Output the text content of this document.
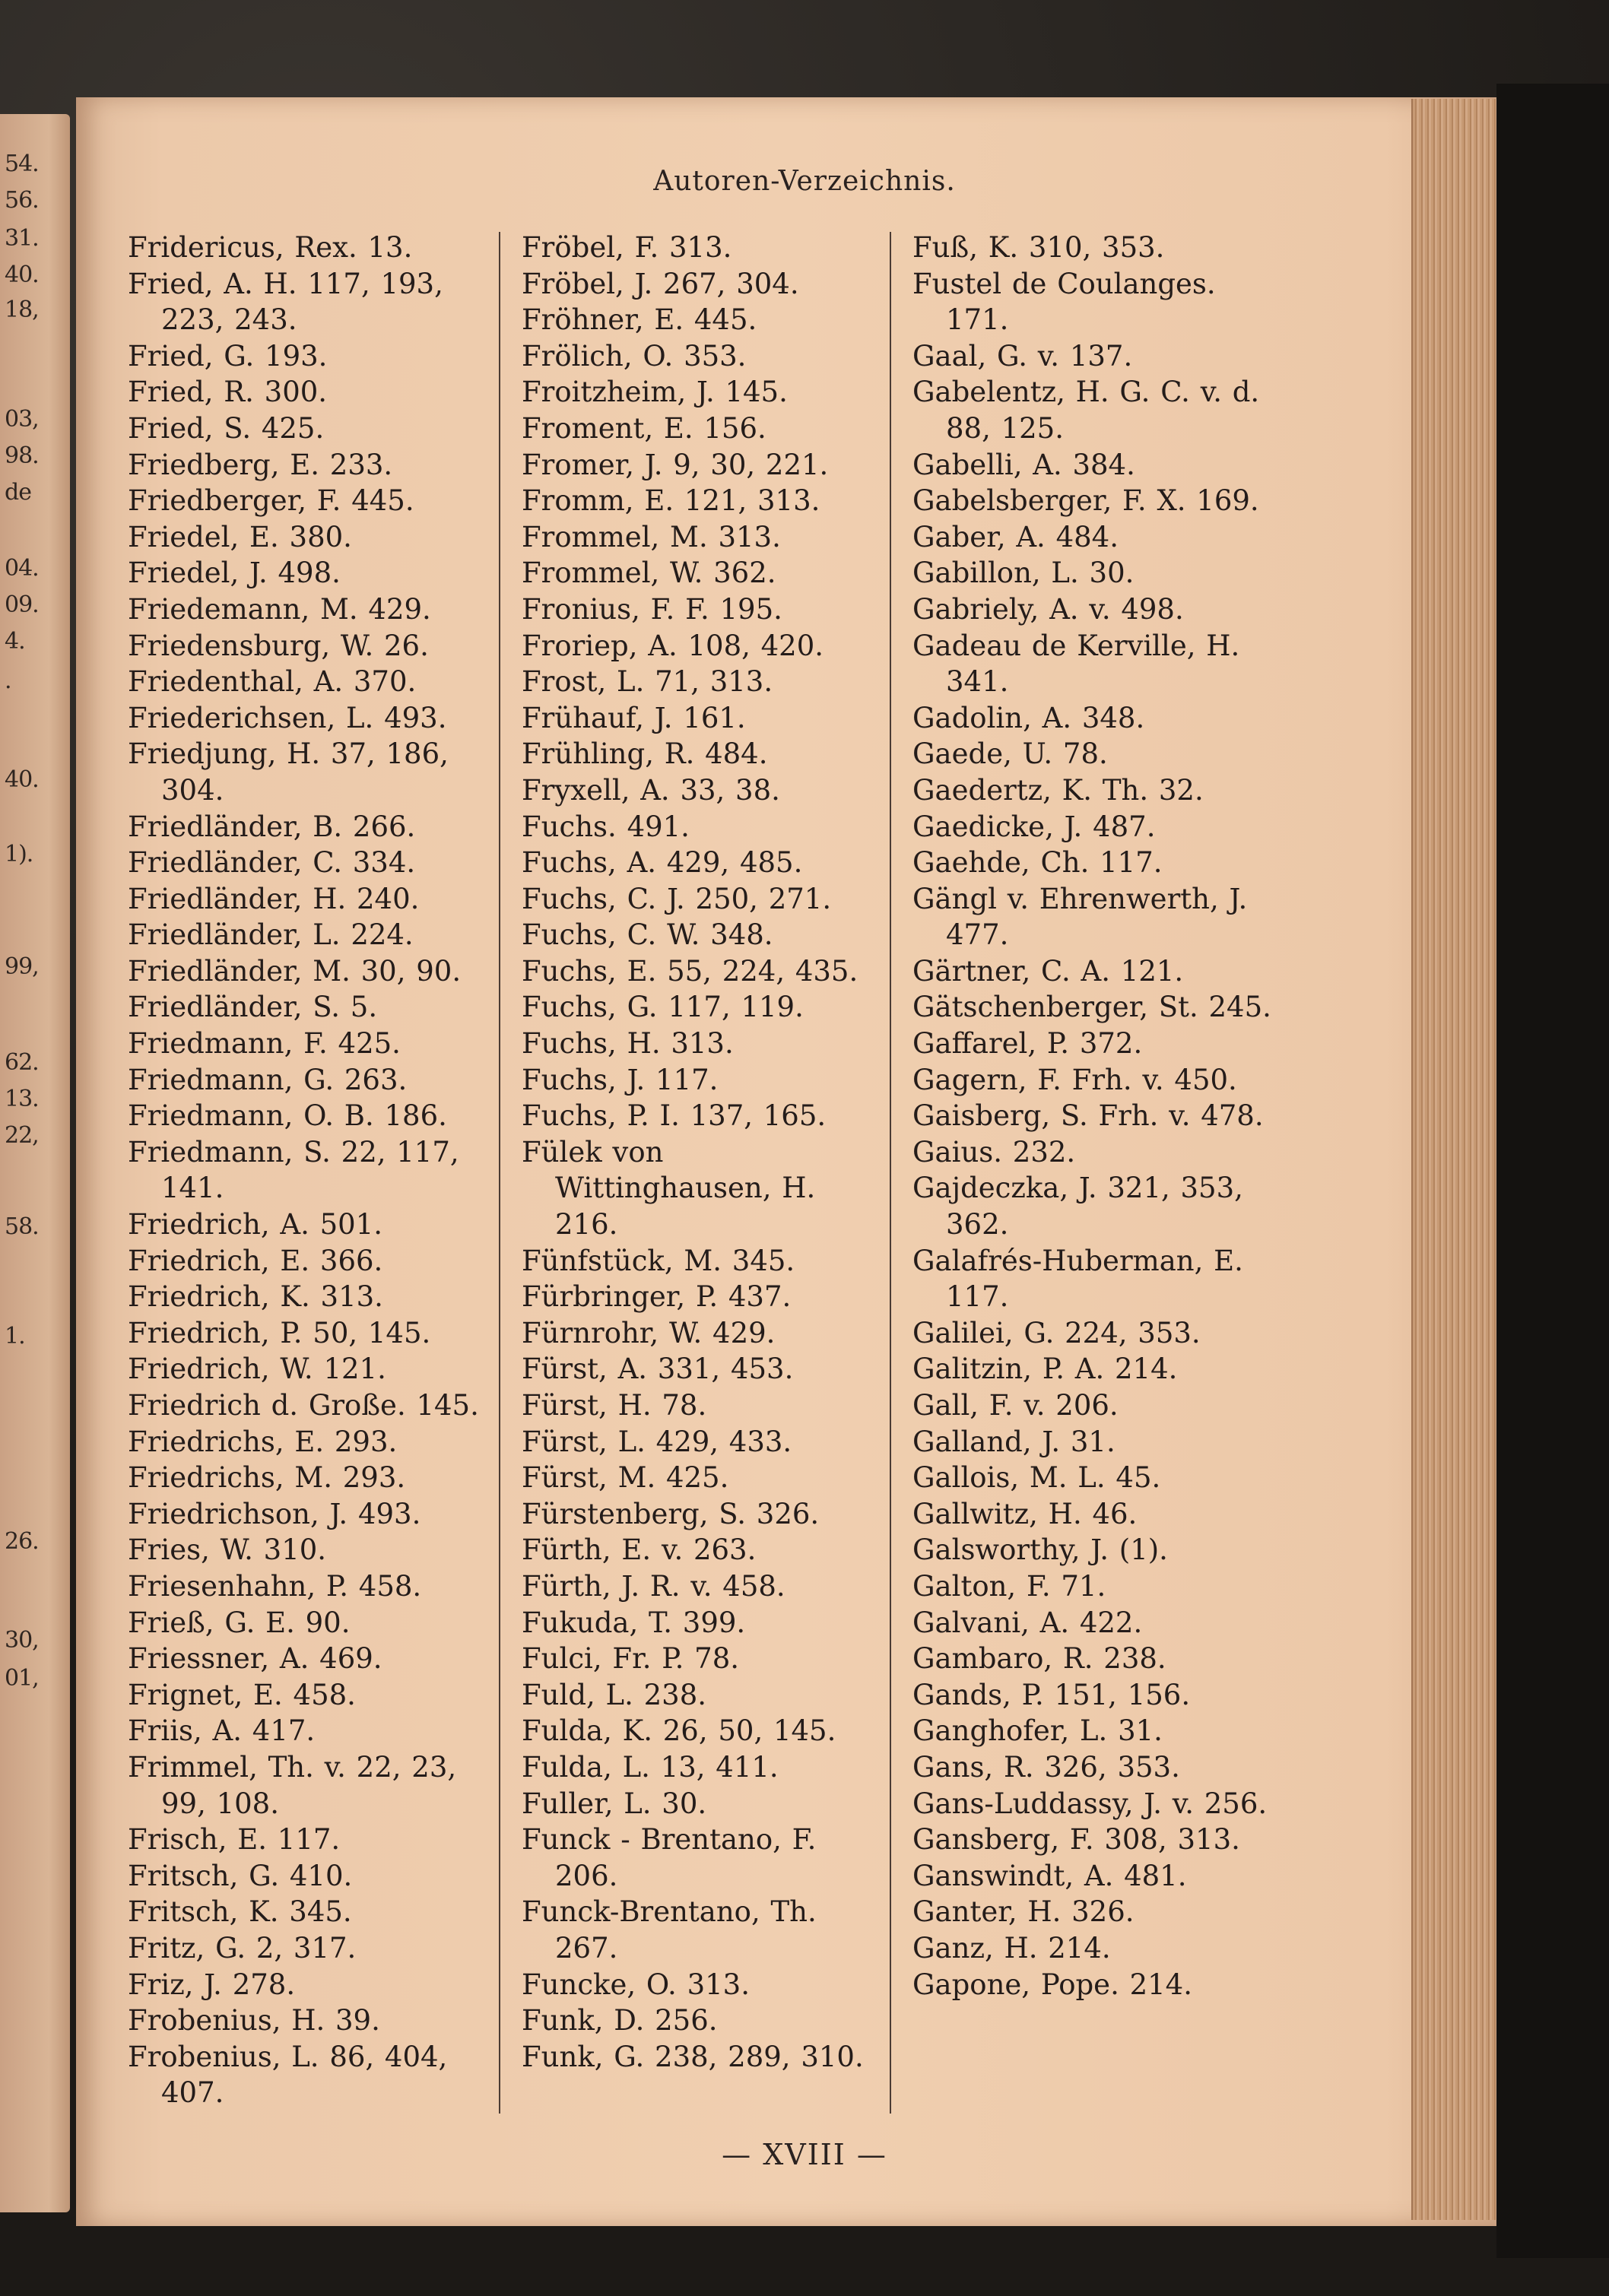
54.
56.
31.
40.
18,
03,
98.
de
04.
09.
4.
.
40.
1).
99,
62.
13.
22,
58.
1.
26.
30,
01,
Autoren-Verzeichnis.
Fridericus, Rex. 13.
Fried, A. H. 117, 193, 223, 243.
Fried, G. 193.
Fried, R. 300.
Fried, S. 425.
Friedberg, E. 233.
Friedberger, F. 445.
Friedel, E. 380.
Friedel, J. 498.
Friedemann, M. 429.
Friedensburg, W. 26.
Friedenthal, A. 370.
Friederichsen, L. 493.
Friedjung, H. 37, 186, 304.
Friedländer, B. 266.
Friedländer, C. 334.
Friedländer, H. 240.
Friedländer, L. 224.
Friedländer, M. 30, 90.
Friedländer, S. 5.
Friedmann, F. 425.
Friedmann, G. 263.
Friedmann, O. B. 186.
Friedmann, S. 22, 117, 141.
Friedrich, A. 501.
Friedrich, E. 366.
Friedrich, K. 313.
Friedrich, P. 50, 145.
Friedrich, W. 121.
Friedrich d. Große. 145.
Friedrichs, E. 293.
Friedrichs, M. 293.
Friedrichson, J. 493.
Fries, W. 310.
Friesenhahn, P. 458.
Frieß, G. E. 90.
Friessner, A. 469.
Frignet, E. 458.
Friis, A. 417.
Frimmel, Th. v. 22, 23, 99, 108.
Frisch, E. 117.
Fritsch, G. 410.
Fritsch, K. 345.
Fritz, G. 2, 317.
Friz, J. 278.
Frobenius, H. 39.
Frobenius, L. 86, 404, 407.
Fröbel, F. 313.
Fröbel, J. 267, 304.
Fröhner, E. 445.
Frölich, O. 353.
Froitzheim, J. 145.
Froment, E. 156.
Fromer, J. 9, 30, 221.
Fromm, E. 121, 313.
Frommel, M. 313.
Frommel, W. 362.
Fronius, F. F. 195.
Froriep, A. 108, 420.
Frost, L. 71, 313.
Frühauf, J. 161.
Frühling, R. 484.
Fryxell, A. 33, 38.
Fuchs. 491.
Fuchs, A. 429, 485.
Fuchs, C. J. 250, 271.
Fuchs, C. W. 348.
Fuchs, E. 55, 224, 435.
Fuchs, G. 117, 119.
Fuchs, H. 313.
Fuchs, J. 117.
Fuchs, P. I. 137, 165.
Fülek von Wittinghausen, H. 216.
Fünfstück, M. 345.
Fürbringer, P. 437.
Fürnrohr, W. 429.
Fürst, A. 331, 453.
Fürst, H. 78.
Fürst, L. 429, 433.
Fürst, M. 425.
Fürstenberg, S. 326.
Fürth, E. v. 263.
Fürth, J. R. v. 458.
Fukuda, T. 399.
Fulci, Fr. P. 78.
Fuld, L. 238.
Fulda, K. 26, 50, 145.
Fulda, L. 13, 411.
Fuller, L. 30.
Funck - Brentano, F. 206.
Funck-Brentano, Th. 267.
Funcke, O. 313.
Funk, D. 256.
Funk, G. 238, 289, 310.
Fuß, K. 310, 353.
Fustel de Coulanges. 171.
Gaal, G. v. 137.
Gabelentz, H. G. C. v. d. 88, 125.
Gabelli, A. 384.
Gabelsberger, F. X. 169.
Gaber, A. 484.
Gabillon, L. 30.
Gabriely, A. v. 498.
Gadeau de Kerville, H. 341.
Gadolin, A. 348.
Gaede, U. 78.
Gaedertz, K. Th. 32.
Gaedicke, J. 487.
Gaehde, Ch. 117.
Gängl v. Ehrenwerth, J. 477.
Gärtner, C. A. 121.
Gätschenberger, St. 245.
Gaffarel, P. 372.
Gagern, F. Frh. v. 450.
Gaisberg, S. Frh. v. 478.
Gaius. 232.
Gajdeczka, J. 321, 353, 362.
Galafrés-Huberman, E. 117.
Galilei, G. 224, 353.
Galitzin, P. A. 214.
Gall, F. v. 206.
Galland, J. 31.
Gallois, M. L. 45.
Gallwitz, H. 46.
Galsworthy, J. (1).
Galton, F. 71.
Galvani, A. 422.
Gambaro, R. 238.
Gands, P. 151, 156.
Ganghofer, L. 31.
Gans, R. 326, 353.
Gans-Luddassy, J. v. 256.
Gansberg, F. 308, 313.
Ganswindt, A. 481.
Ganter, H. 326.
Ganz, H. 214.
Gapone, Pope. 214.
— XVIII —
